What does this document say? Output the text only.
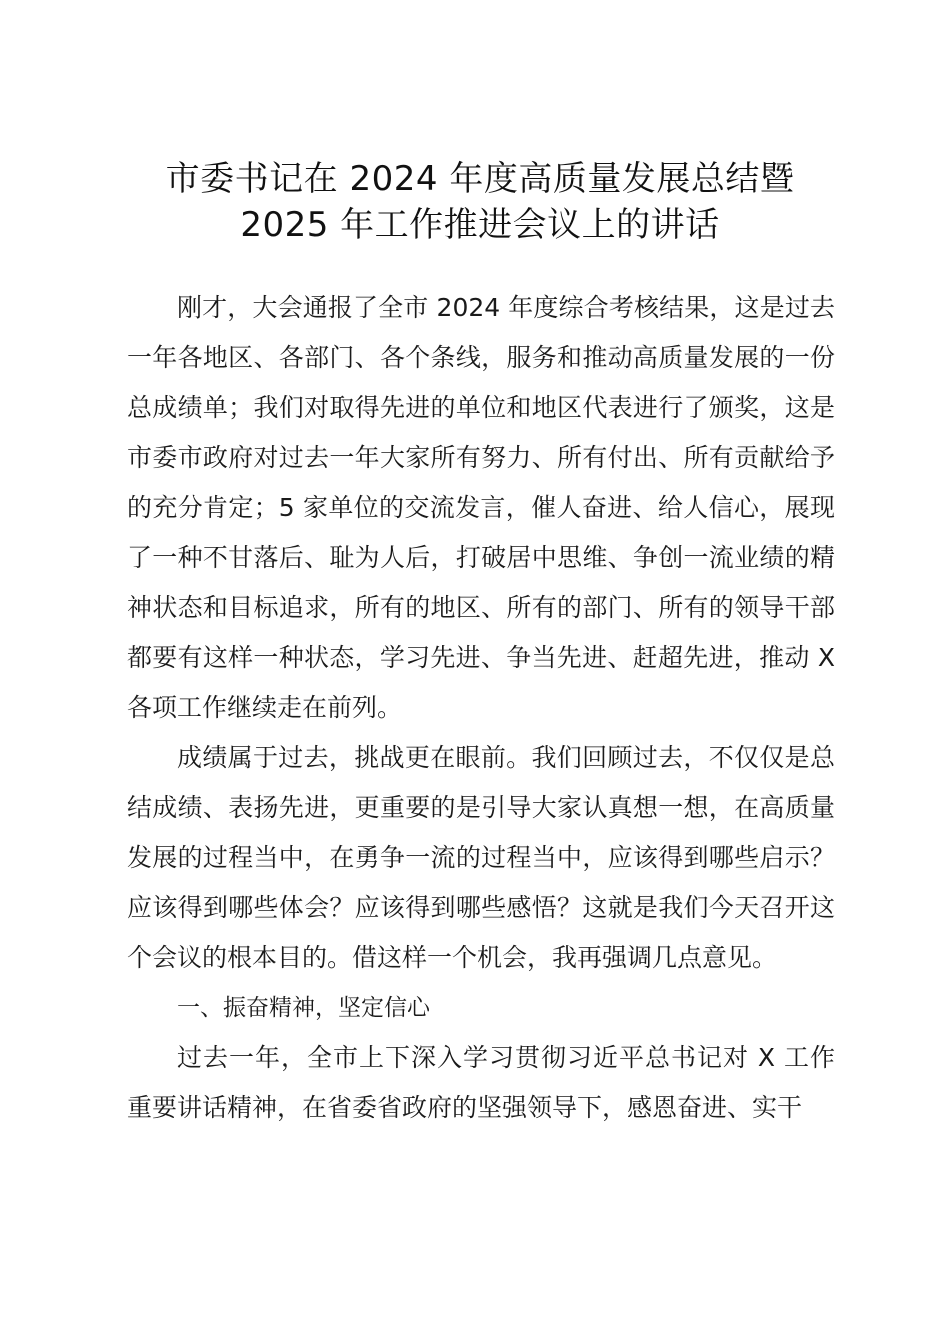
市委书记在 2024 年度高质量发展总结暨
2025 年工作推进会议上的讲话

刚才，大会通报了全市 2024 年度综合考核结果，这是过去一年各地区、各部门、各个条线，服务和推动高质量发展的一份总成绩单；我们对取得先进的单位和地区代表进行了颁奖，这是市委市政府对过去一年大家所有努力、所有付出、所有贡献给予的充分肯定；5 家单位的交流发言，催人奋进、给人信心，展现了一种不甘落后、耻为人后，打破居中思维、争创一流业绩的精神状态和目标追求，所有的地区、所有的部门、所有的领导干部都要有这样一种状态，学习先进、争当先进、赶超先进，推动 X 各项工作继续走在前列。

成绩属于过去，挑战更在眼前。我们回顾过去，不仅仅是总结成绩、表扬先进，更重要的是引导大家认真想一想，在高质量发展的过程当中，在勇争一流的过程当中，应该得到哪些启示？应该得到哪些体会？应该得到哪些感悟？这就是我们今天召开这个会议的根本目的。借这样一个机会，我再强调几点意见。

一、振奋精神，坚定信心

过去一年，全市上下深入学习贯彻习近平总书记对 X 工作重要讲话精神，在省委省政府的坚强领导下，感恩奋进、实干
